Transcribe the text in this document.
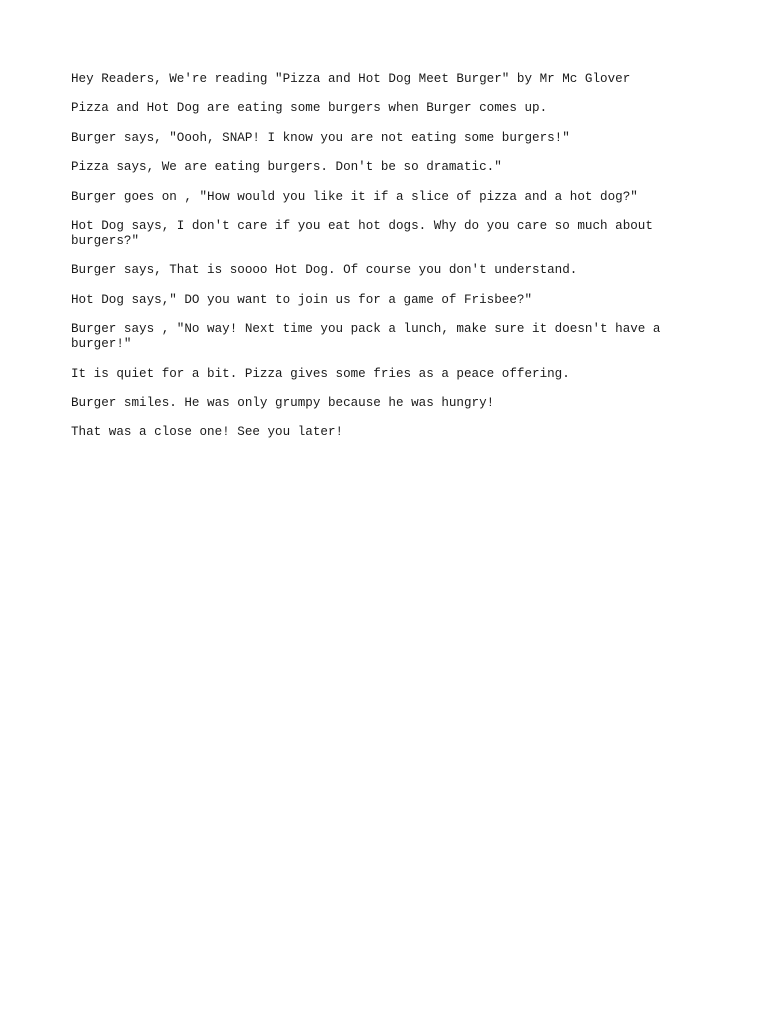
Hey Readers, We're reading "Pizza and Hot Dog Meet Burger" by Mr Mc Glover

Pizza and Hot Dog are eating some burgers when Burger comes up.

Burger says, "Oooh, SNAP! I know you are not eating some burgers!"

Pizza says, We are eating burgers. Don't be so dramatic."

Burger goes on , "How would you like it if a slice of pizza and a hot dog?"

Hot Dog says, I don't care if you eat hot dogs. Why do you care so much about burgers?"

Burger says, That is soooo Hot Dog. Of course you don't understand.

Hot Dog says," DO you want to join us for a game of Frisbee?"

Burger says , "No way! Next time you pack a lunch, make sure it doesn't have a burger!"

It is quiet for a bit. Pizza gives some fries as a peace offering.

Burger smiles. He was only grumpy because he was hungry!

That was a close one! See you later!
